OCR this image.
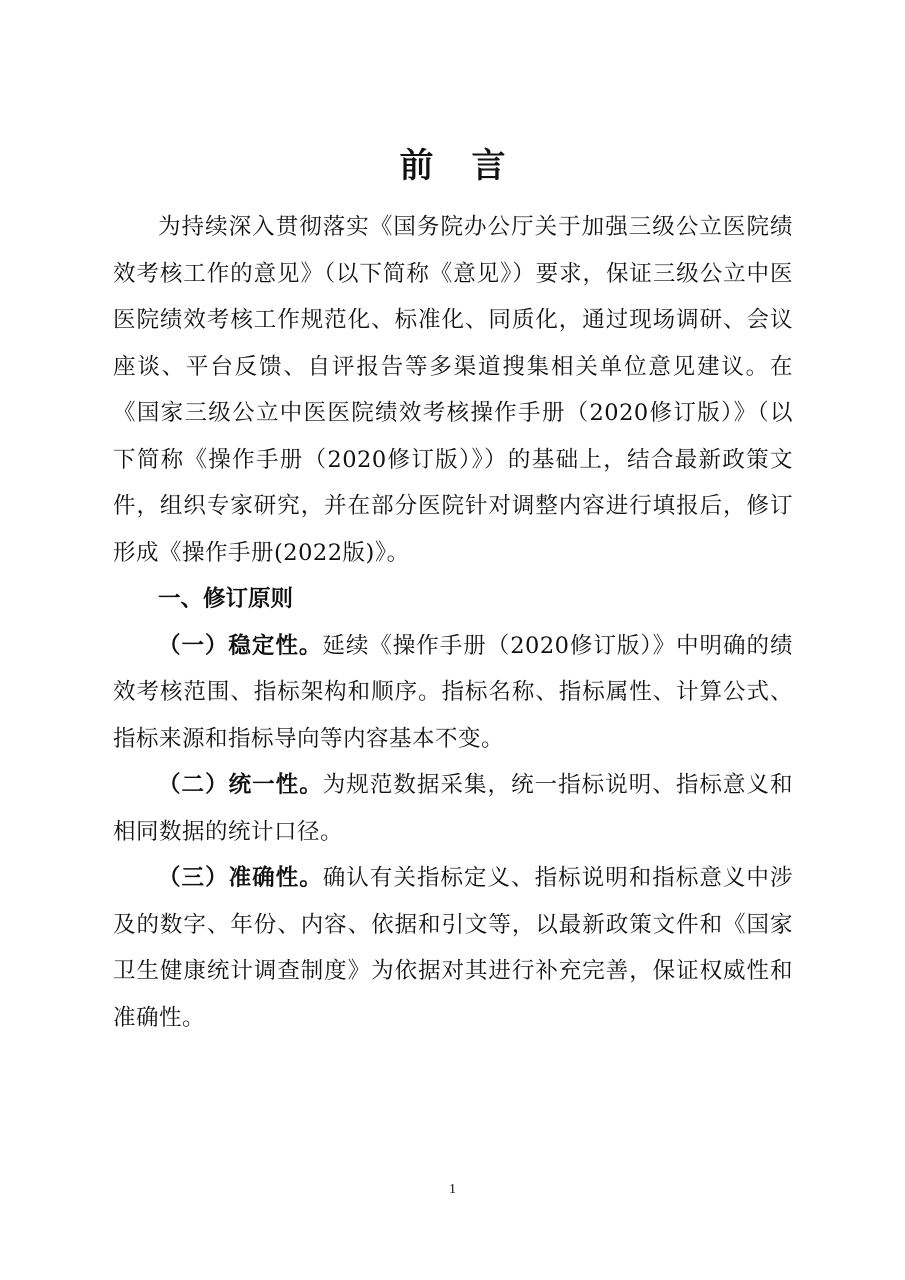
前言

为持续深入贯彻落实《国务院办公厅关于加强三级公立医院绩效考核工作的意见》（以下简称《意见》）要求，保证三级公立中医医院绩效考核工作规范化、标准化、同质化，通过现场调研、会议座谈、平台反馈、自评报告等多渠道搜集相关单位意见建议。在《国家三级公立中医医院绩效考核操作手册（2020修订版）》（以下简称《操作手册（2020修订版）》）的基础上，结合最新政策文件，组织专家研究，并在部分医院针对调整内容进行填报后，修订形成《操作手册(2022版)》。

一、修订原则

（一）稳定性。延续《操作手册（2020修订版）》中明确的绩效考核范围、指标架构和顺序。指标名称、指标属性、计算公式、指标来源和指标导向等内容基本不变。

（二）统一性。为规范数据采集，统一指标说明、指标意义和相同数据的统计口径。

（三）准确性。确认有关指标定义、指标说明和指标意义中涉及的数字、年份、内容、依据和引文等，以最新政策文件和《国家卫生健康统计调查制度》为依据对其进行补充完善，保证权威性和准确性。

1
